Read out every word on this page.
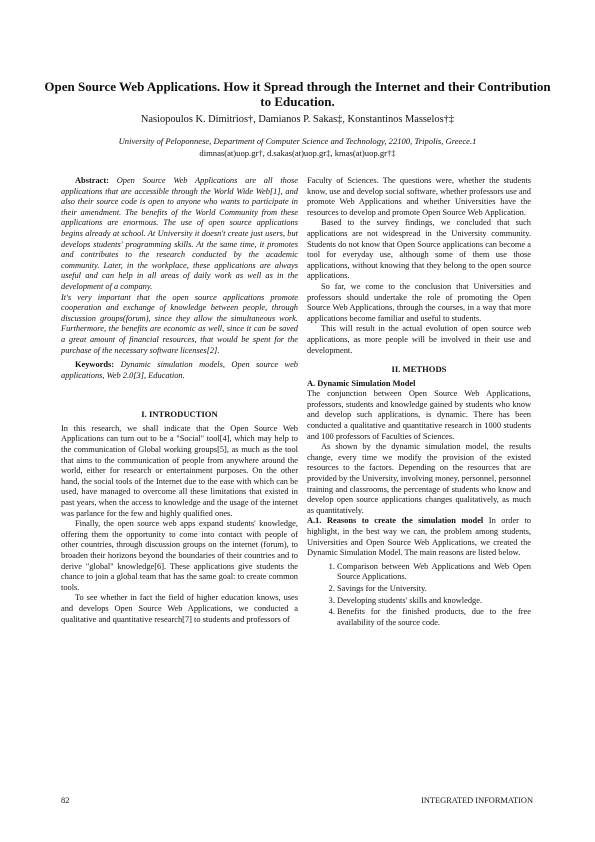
Open Source Web Applications. How it Spread through the Internet and their Contribution to Education.
Nasiopoulos K. Dimitrios†, Damianos P. Sakas‡, Konstantinos Masselos†‡
University of Peloponnese, Department of Computer Science and Technology, 22100, Tripolis, Greece.1
dimnas(at)uop.gr†, d.sakas(at)uop.gr‡, kmas(at)uop.gr†‡

Abstract: Open Source Web Applications are all those applications that are accessible through the World Wide Web[1], and also their source code is open to anyone who wants to participate in their amendment. The benefits of the World Community from these applications are enormous. The use of open source applications begins already at school. At University it doesn't create just users, but develops students' programming skills. At the same time, it promotes and contributes to the research conducted by the academic community. Later, in the workplace, these applications are always useful and can help in all areas of daily work as well as in the development of a company.

It's very important that the open source applications promote cooperation and exchange of knowledge between people, through discussion groups(forum), since they allow the simultaneous work. Furthermore, the benefits are economic as well, since it can be saved a great amount of financial resources, that would be spent for the purchase of the necessary software licenses[2].

Keywords: Dynamic simulation models, Open source web applications, Web 2.0[3], Education.

I. INTRODUCTION

In this research, we shall indicate that the Open Source Web Applications can turn out to be a "Social" tool[4], which may help to the communication of Global working groups[5], as much as the tool that aims to the communication of people from anywhere around the world, either for research or entertainment purposes. On the other hand, the social tools of the Internet due to the ease with which can be used, have managed to overcome all these limitations that existed in past years, when the access to knowledge and the usage of the internet was parlance for the few and highly qualified ones.

Finally, the open source web apps expand students' knowledge, offering them the opportunity to come into contact with people of other countries, through discussion groups on the internet (forum), to broaden their horizons beyond the boundaries of their countries and to derive "global" knowledge[6]. These applications give students the chance to join a global team that has the same goal: to create common tools.

To see whether in fact the field of higher education knows, uses and develops Open Source Web Applications, we conducted a qualitative and quantitative research[7] to students and professors of

Faculty of Sciences. The questions were, whether the students know, use and develop social software, whether professors use and promote Web Applications and whether Universities have the resources to develop and promote Open Source Web Application.

Based to the survey findings, we concluded that such applications are not widespread in the University community. Students do not know that Open Source applications can become a tool for everyday use, although some of them use those applications, without knowing that they belong to the open source applications.

So far, we come to the conclusion that Universities and professors should undertake the role of promoting the Open Source Web Applications, through the courses, in a way that more applications become familiar and useful to students.

This will result in the actual evolution of open source web applications, as more people will be involved in their use and development.

II. METHODS

A. Dynamic Simulation Model

The conjunction between Open Source Web Applications, professors, students and knowledge gained by students who know and develop such applications, is dynamic. There has been conducted a qualitative and quantitative research in 1000 students and 100 professors of Faculties of Sciences.

As shown by the dynamic simulation model, the results change, every time we modify the provision of the existed resources to the factors. Depending on the resources that are provided by the University, involving money, personnel, personnel training and classrooms, the percentage of students who know and develop open source applications changes qualitatively, as much as quantitatively.

A.1. Reasons to create the simulation model In order to highlight, in the best way we can, the problem among students, Universities and Open Source Web Applications, we created the Dynamic Simulation Model. The main reasons are listed below.

1. Comparison between Web Applications and Web Open Source Applications.
2. Savings for the University.
3. Developing students' skills and knowledge.
4. Benefits for the finished products, due to the free availability of the source code.
82	INTEGRATED INFORMATION
